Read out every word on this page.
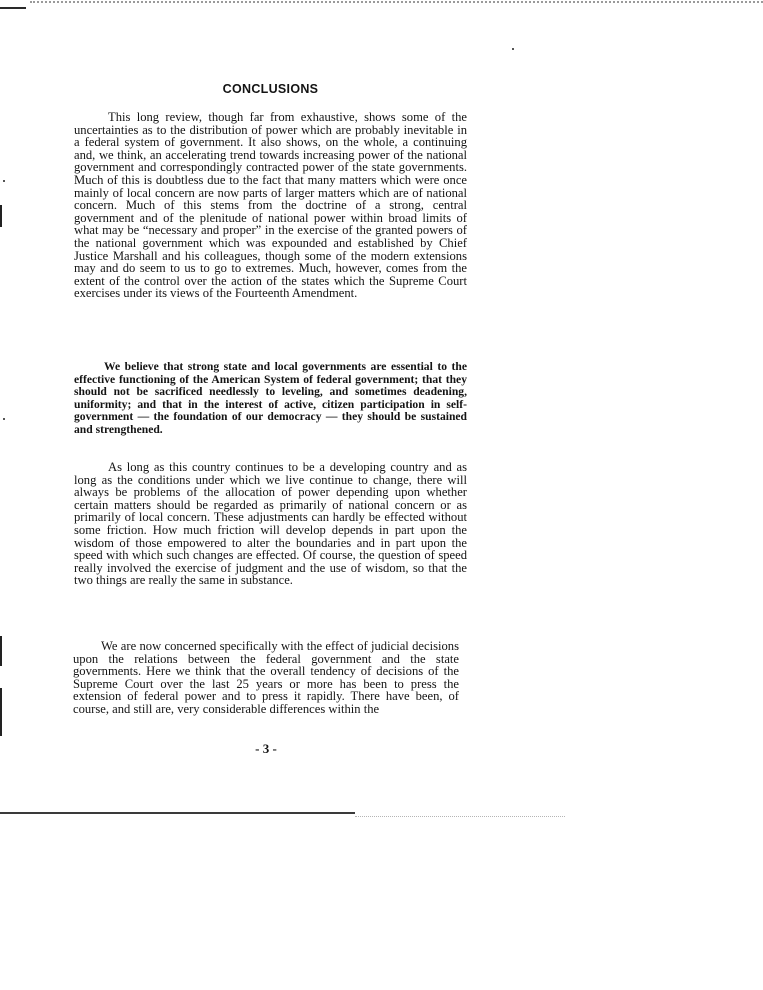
CONCLUSIONS

This long review, though far from exhaustive, shows some of the uncertainties as to the distribution of power which are probably inevitable in a federal system of government. It also shows, on the whole, a continuing and, we think, an accelerating trend towards increasing power of the national government and correspondingly contracted power of the state governments. Much of this is doubtless due to the fact that many matters which were once mainly of local concern are now parts of larger matters which are of national concern. Much of this stems from the doctrine of a strong, central government and of the plenitude of national power within broad limits of what may be “necessary and proper” in the exercise of the granted powers of the national government which was expounded and established by Chief Justice Marshall and his colleagues, though some of the modern extensions may and do seem to us to go to extremes. Much, however, comes from the extent of the control over the action of the states which the Supreme Court exercises under its views of the Fourteenth Amendment.

We believe that strong state and local governments are essential to the effective functioning of the American System of federal government; that they should not be sacrificed needlessly to leveling, and sometimes deadening, uniformity; and that in the interest of active, citizen participation in self-government — the foundation of our democracy — they should be sustained and strengthened.

As long as this country continues to be a developing country and as long as the conditions under which we live continue to change, there will always be problems of the allocation of power depending upon whether certain matters should be regarded as primarily of national concern or as primarily of local concern. These adjustments can hardly be effected without some friction. How much friction will develop depends in part upon the wisdom of those empowered to alter the boundaries and in part upon the speed with which such changes are effected. Of course, the question of speed really involved the exercise of judgment and the use of wisdom, so that the two things are really the same in substance.

We are now concerned specifically with the effect of judicial decisions upon the relations between the federal government and the state governments. Here we think that the overall tendency of decisions of the Supreme Court over the last 25 years or more has been to press the extension of federal power and to press it rapidly. There have been, of course, and still are, very considerable differences within the

- 3 -
